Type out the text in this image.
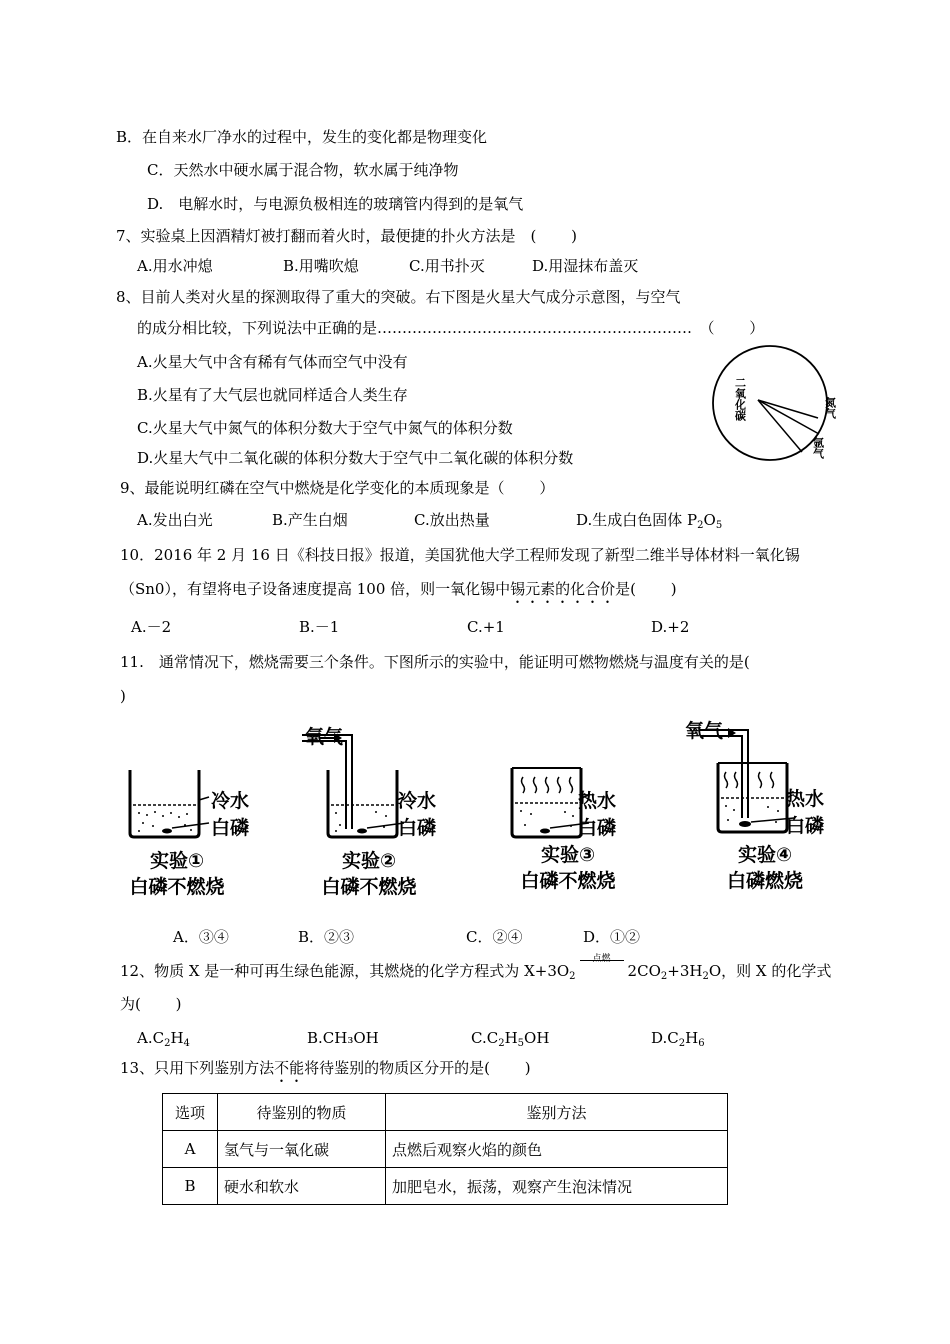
B．在自来水厂净水的过程中，发生的变化都是物理变化
C．天然水中硬水属于混合物，软水属于纯净物
D.　电解水时，与电源负极相连的玻璃管内得到的是氧气
7、实验桌上因酒精灯被打翻而着火时，最便捷的扑火方法是　(　　 )
A.用水冲熄	B.用嘴吹熄	C.用书扑灭	D.用湿抹布盖灭
8、目前人类对火星的探测取得了重大的突破。右下图是火星大气成分示意图，与空气
的成分相比较，下列说法中正确的是………………………………………………………　（　　 ）
A.火星大气中含有稀有气体而空气中没有
B.火星有了大气层也就同样适合人类生存
C.火星大气中氮气的体积分数大于空气中氮气的体积分数
D.火星大气中二氧化碳的体积分数大于空气中二氧化碳的体积分数
二氧化碳	氮气
氩气
9、最能说明红磷在空气中燃烧是化学变化的本质现象是（　　 ）
A.发出白光	B.产生白烟	C.放出热量	D.生成白色固体 $P_2O_5$
10．2016 年 2 月 16 日《科技日报》报道，美国犹他大学工程师发现了新型二维半导体材料一氧化锡
（Sn0），有望将电子设备速度提高 100 倍，则一氧化锡中锡元素的化合价是(　　 )
A.－2	B.－1	C.+1	D.+2
11.　通常情况下，燃烧需要三个条件。下图所示的实验中，能证明可燃物燃烧与温度有关的是(
)
冷水
白磷
实验①
白磷不燃烧
氧气
冷水
白磷
实验②
白磷不燃烧
热水
白磷
实验③
白磷不燃烧
氧气
热水
白磷
实验④
白磷燃烧
A．③④	B．②③	C．②④	D．①②
12、物质 X 是一种可再生绿色能源，其燃烧的化学方程式为 $X+3O_2$
点燃
$2CO_2+3H_2O$，则 X 的化学式
为(　　 )
$A.C_2H_4$	B.CH₃OH	$C.C_2H_5OH$	$D.C_2H_6$
13、只用下列鉴别方法不能将待鉴别的物质区分开的是(　　 )
选项	待鉴别的物质	鉴别方法
A	氢气与一氧化碳	点燃后观察火焰的颜色
B	硬水和软水	加肥皂水，振荡，观察产生泡沫情况
